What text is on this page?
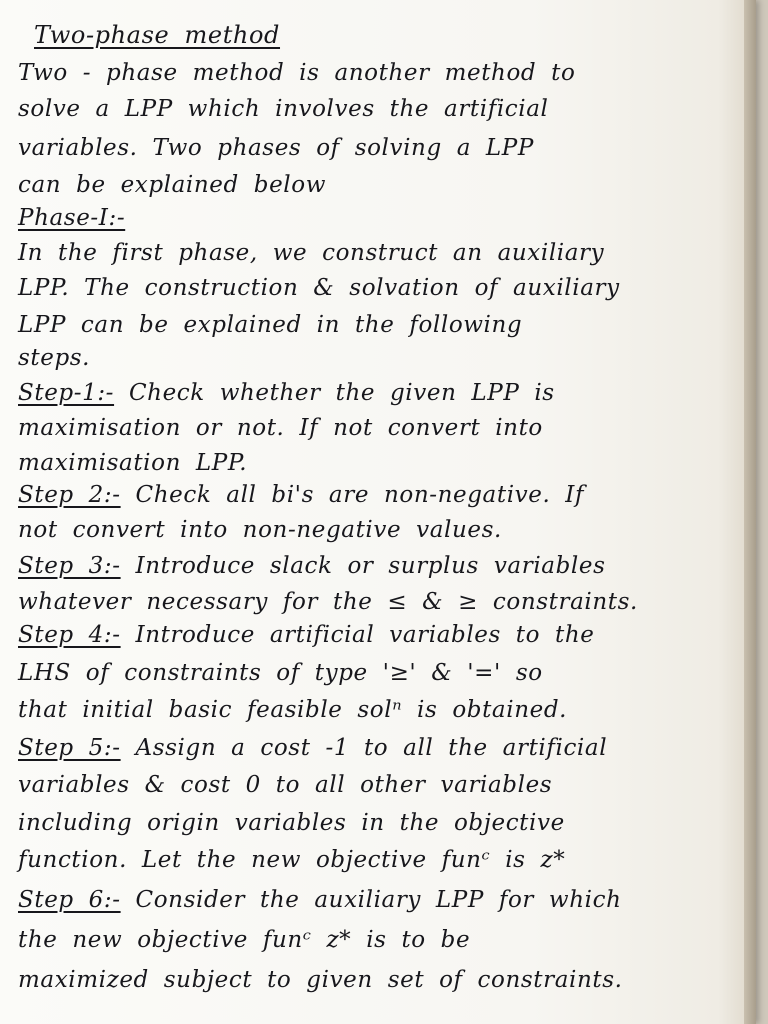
Two-phase method
Two - phase method is another method to
solve a LPP which involves the artificial
variables. Two phases of solving a LPP
can be explained below
Phase-I:-
In the first phase, we construct an auxiliary
LPP. The construction & solvation of auxiliary
LPP can be explained in the following
steps.
Step-1:- Check whether the given LPP is
maximisation or not. If not convert into
maximisation LPP.
Step 2:- Check all bi's are non-negative. If
not convert into non-negative values.
Step 3:- Introduce slack or surplus variables
whatever necessary for the ≤ & ≥ constraints.
Step 4:- Introduce artificial variables to the
LHS of constraints of type '≥' & '=' so
that initial basic feasible solⁿ is obtained.
Step 5:- Assign a cost -1 to all the artificial
variables & cost 0 to all other variables
including origin variables in the objective
function. Let the new objective funᶜ is z*
Step 6:- Consider the auxiliary LPP for which
the new objective funᶜ z* is to be
maximized subject to given set of constraints.
